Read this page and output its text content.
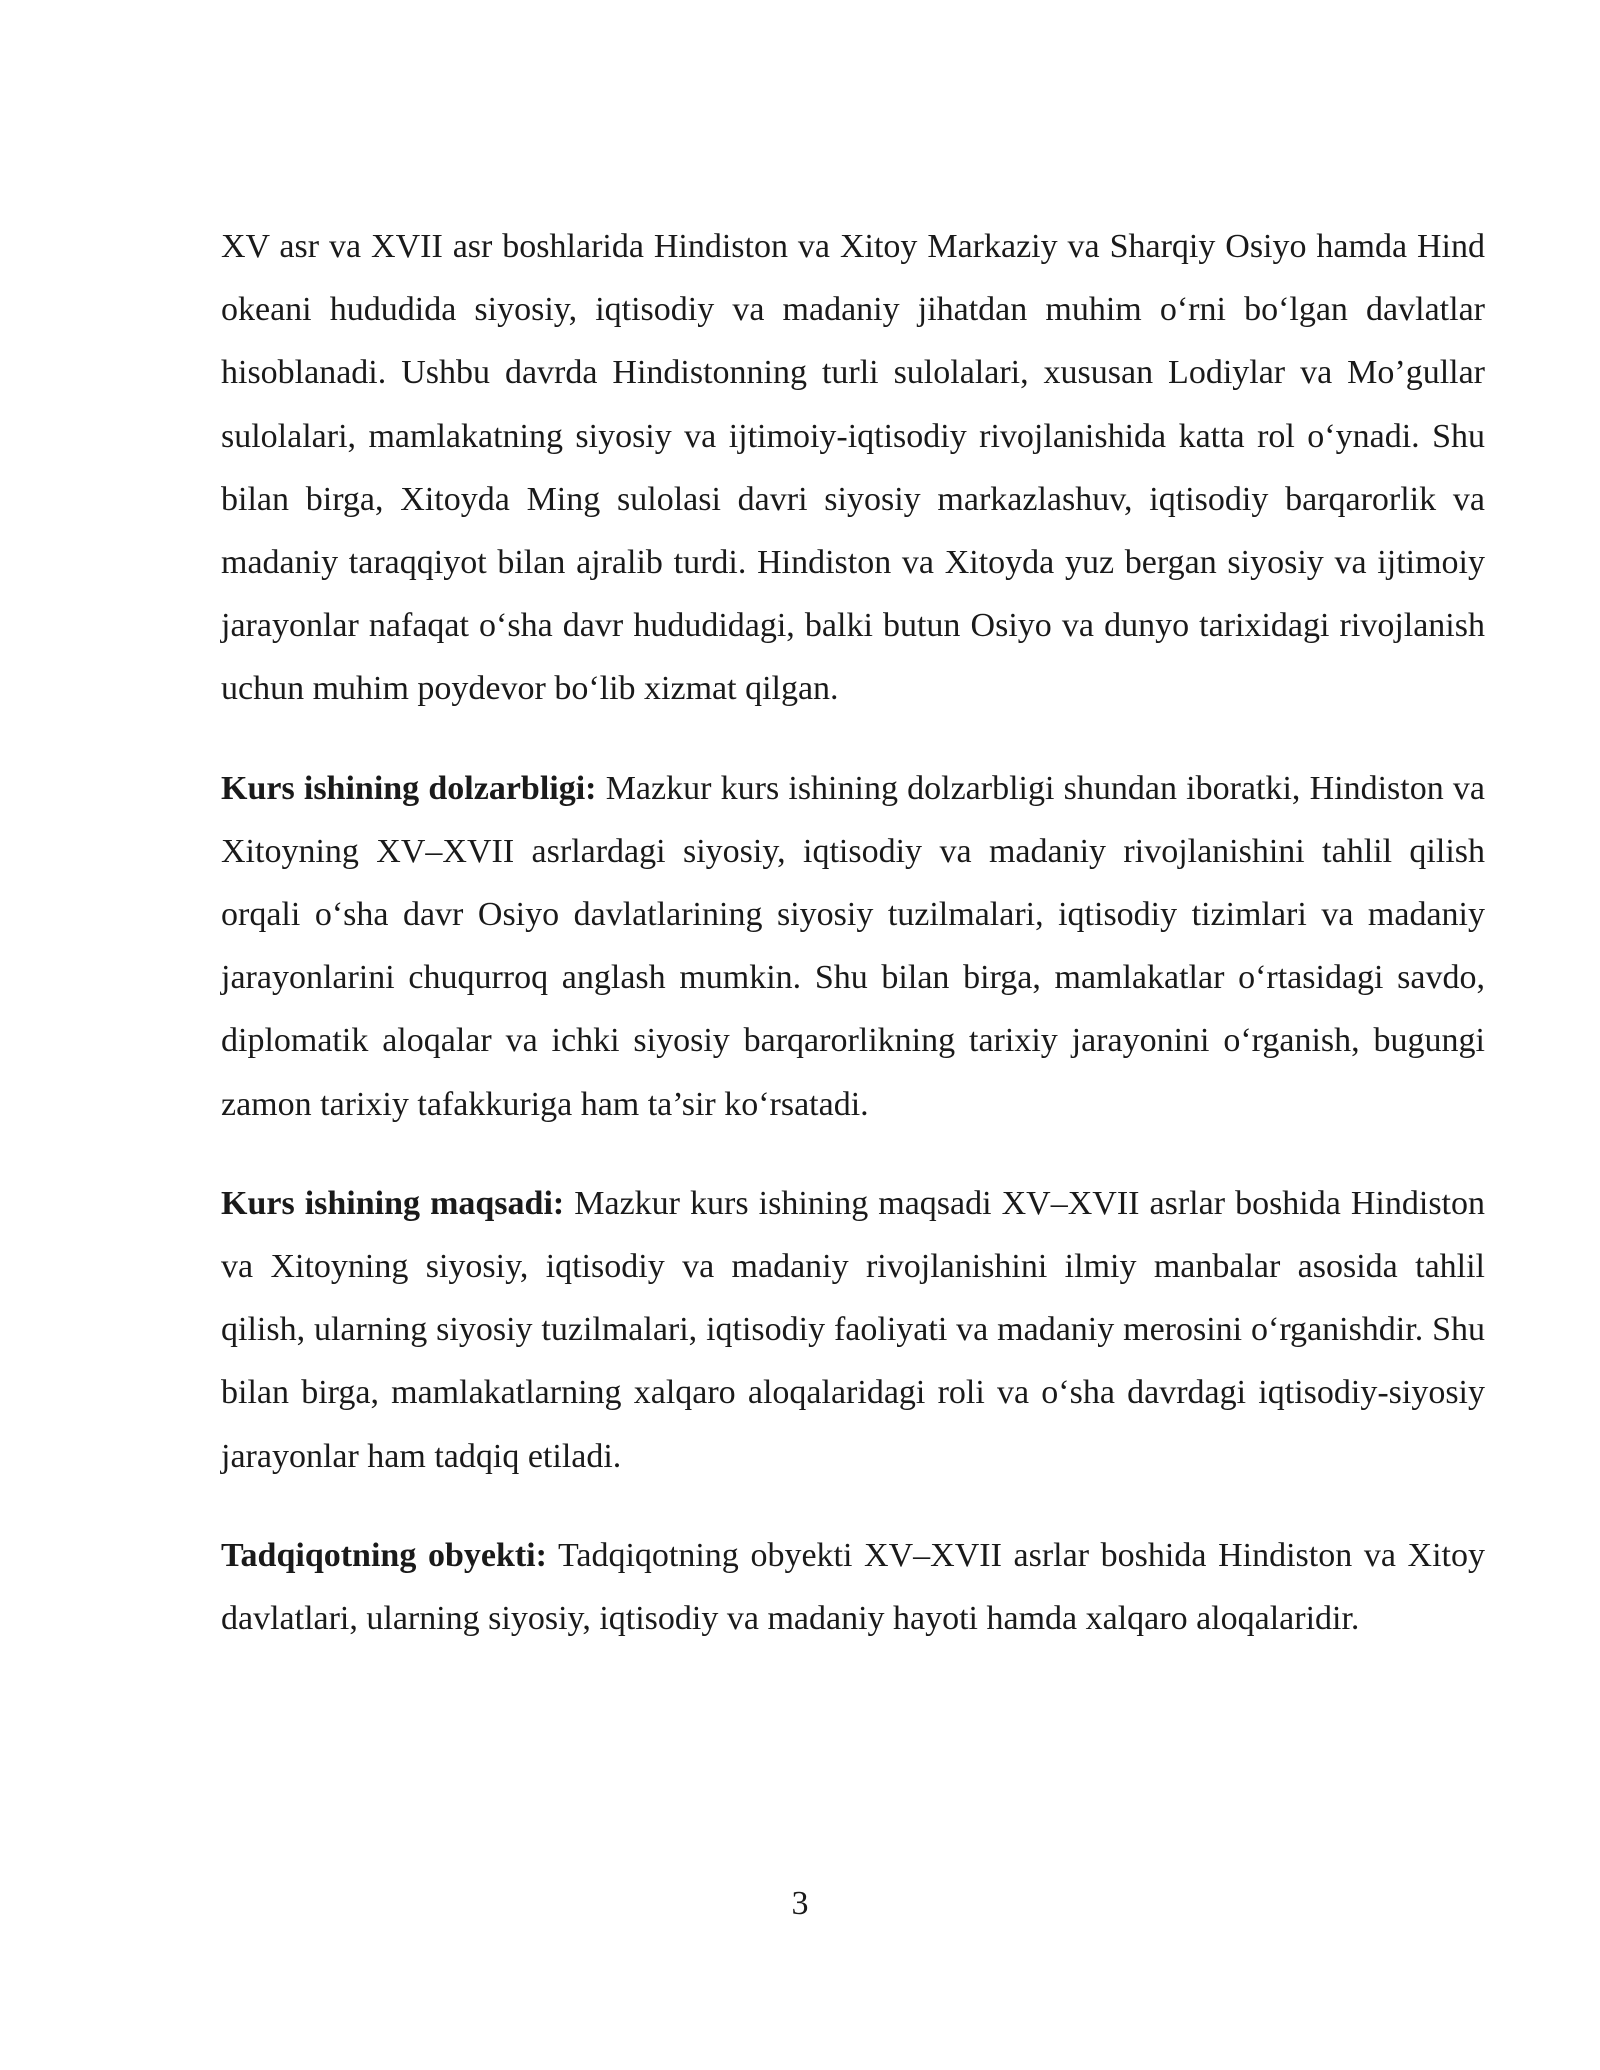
XV asr va XVII asr boshlarida Hindiston va Xitoy Markaziy va Sharqiy Osiyo hamda Hind okeani hududida siyosiy, iqtisodiy va madaniy jihatdan muhim oʻrni boʻlgan davlatlar hisoblanadi. Ushbu davrda Hindistonning turli sulolalari, xususan Lodiylar va Mo’gullar sulolalari, mamlakatning siyosiy va ijtimoiy-iqtisodiy rivojlanishida katta rol oʻynadi. Shu bilan birga, Xitoyda Ming sulolasi davri siyosiy markazlashuv, iqtisodiy barqarorlik va madaniy taraqqiyot bilan ajralib turdi. Hindiston va Xitoyda yuz bergan siyosiy va ijtimoiy jarayonlar nafaqat oʻsha davr hududidagi, balki butun Osiyo va dunyo tarixidagi rivojlanish uchun muhim poydevor boʻlib xizmat qilgan.

Kurs ishining dolzarbligi: Mazkur kurs ishining dolzarbligi shundan iboratki, Hindiston va Xitoyning XV–XVII asrlardagi siyosiy, iqtisodiy va madaniy rivojlanishini tahlil qilish orqali oʻsha davr Osiyo davlatlarining siyosiy tuzilmalari, iqtisodiy tizimlari va madaniy jarayonlarini chuqurroq anglash mumkin. Shu bilan birga, mamlakatlar oʻrtasidagi savdo, diplomatik aloqalar va ichki siyosiy barqarorlikning tarixiy jarayonini oʻrganish, bugungi zamon tarixiy tafakkuriga ham ta’sir koʻrsatadi.

Kurs ishining maqsadi: Mazkur kurs ishining maqsadi XV–XVII asrlar boshida Hindiston va Xitoyning siyosiy, iqtisodiy va madaniy rivojlanishini ilmiy manbalar asosida tahlil qilish, ularning siyosiy tuzilmalari, iqtisodiy faoliyati va madaniy merosini oʻrganishdir. Shu bilan birga, mamlakatlarning xalqaro aloqalaridagi roli va oʻsha davrdagi iqtisodiy-siyosiy jarayonlar ham tadqiq etiladi.

Tadqiqotning obyekti: Tadqiqotning obyekti XV–XVII asrlar boshida Hindiston va Xitoy davlatlari, ularning siyosiy, iqtisodiy va madaniy hayoti hamda xalqaro aloqalaridir.

3
